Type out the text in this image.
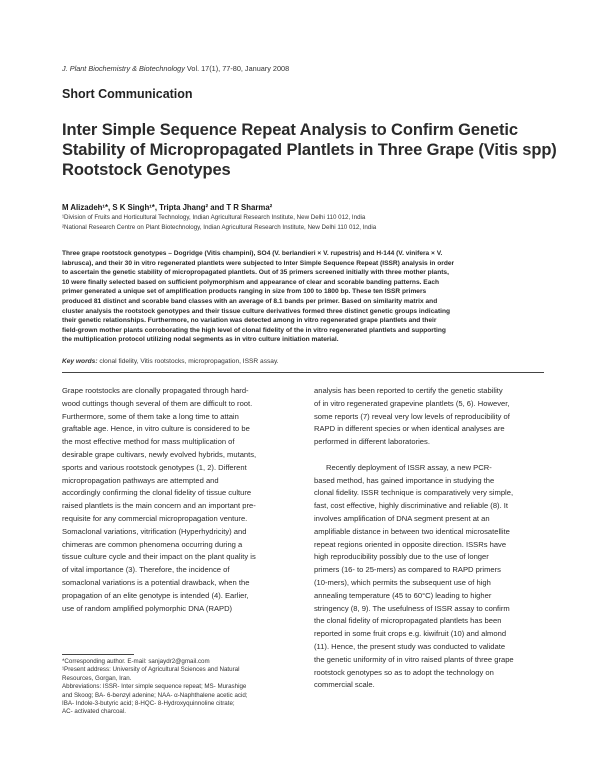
J. Plant Biochemistry & Biotechnology Vol. 17(1), 77-80, January 2008
Short Communication
Inter Simple Sequence Repeat Analysis to Confirm Genetic
Stability of Micropropagated Plantlets in Three Grape (Vitis spp)
Rootstock Genotypes
M Alizadeh¹*, S K Singh¹*, Tripta Jhang² and T R Sharma²
¹Division of Fruits and Horticultural Technology, Indian Agricultural Research Institute, New Delhi 110 012, India
²National Research Centre on Plant Biotechnology, Indian Agricultural Research Institute, New Delhi 110 012, India
Three grape rootstock genotypes – Dogridge (Vitis champini), SO4 (V. berlandieri × V. rupestris) and H-144 (V. vinifera × V.
labrusca), and their 30 in vitro regenerated plantlets were subjected to Inter Simple Sequence Repeat (ISSR) analysis in order
to ascertain the genetic stability of micropropagated plantlets. Out of 35 primers screened initially with three mother plants,
10 were finally selected based on sufficient polymorphism and appearance of clear and scorable banding patterns. Each
primer generated a unique set of amplification products ranging in size from 100 to 1800 bp. These ten ISSR primers
produced 81 distinct and scorable band classes with an average of 8.1 bands per primer. Based on similarity matrix and
cluster analysis the rootstock genotypes and their tissue culture derivatives formed three distinct genetic groups indicating
their genetic relationships. Furthermore, no variation was detected among in vitro regenerated grape plantlets and their
field-grown mother plants corroborating the high level of clonal fidelity of the in vitro regenerated plantlets and supporting
the multiplication protocol utilizing nodal segments as in vitro culture initiation material.
Key words: clonal fidelity, Vitis rootstocks, micropropagation, ISSR assay.
Grape rootstocks are clonally propagated through hard-
wood cuttings though several of them are difficult to root.
Furthermore, some of them take a long time to attain
graftable age. Hence, in vitro culture is considered to be
the most effective method for mass multiplication of
desirable grape cultivars, newly evolved hybrids, mutants,
sports and various rootstock genotypes (1, 2). Different
micropropagation pathways are attempted and
accordingly confirming the clonal fidelity of tissue culture
raised plantlets is the main concern and an important pre-
requisite for any commercial micropropagation venture.
Somaclonal variations, vitrification (Hyperhydricity) and
chimeras are common phenomena occurring during a
tissue culture cycle and their impact on the plant quality is
of vital importance (3). Therefore, the incidence of
somaclonal variations is a potential drawback, when the
propagation of an elite genotype is intended (4). Earlier,
use of random amplified polymorphic DNA (RAPD)
analysis has been reported to certify the genetic stability
of in vitro regenerated grapevine plantlets (5, 6). However,
some reports (7) reveal very low levels of reproducibility of
RAPD in different species or when identical analyses are
performed in different laboratories.
Recently deployment of ISSR assay, a new PCR-
based method, has gained importance in studying the
clonal fidelity. ISSR technique is comparatively very simple,
fast, cost effective, highly discriminative and reliable (8). It
involves amplification of DNA segment present at an
amplifiable distance in between two identical microsatellite
repeat regions oriented in opposite direction. ISSRs have
high reproducibility possibly due to the use of longer
primers (16- to 25-mers) as compared to RAPD primers
(10-mers), which permits the subsequent use of high
annealing temperature (45 to 60°C) leading to higher
stringency (8, 9). The usefulness of ISSR assay to confirm
the clonal fidelity of micropropagated plantlets has been
reported in some fruit crops e.g. kiwifruit (10) and almond
(11). Hence, the present study was conducted to validate
the genetic uniformity of in vitro raised plants of three grape
rootstock genotypes so as to adopt the technology on
commercial scale.
*Corresponding author. E-mail: sanjaydr2@gmail.com
¹Present address: University of Agricultural Sciences and Natural
Resources, Gorgan, Iran.
Abbreviations: ISSR- Inter simple sequence repeat; MS- Murashige
and Skoog; BA- 6-benzyl adenine; NAA- α-Naphthalene acetic acid;
IBA- Indole-3-butyric acid; 8-HQC- 8-Hydroxyquinnoline citrate;
AC- activated charcoal.
